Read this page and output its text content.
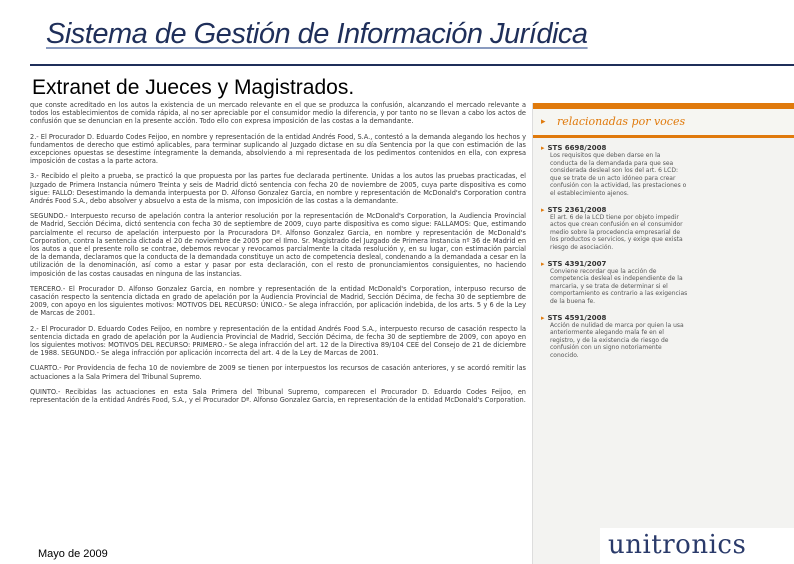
Sistema de Gestión de Información Jurídica
Extranet de Jueces y Magistrados.

que conste acreditado en los autos la existencia de un mercado relevante en el que se produzca la confusión, alcanzando el mercado relevante a todos los establecimientos de comida rápida, al no ser apreciable por el consumidor medio la diferencia, y por tanto no se llevan a cabo los actos de confusión que se denuncian en la presente acción. Todo ello con expresa imposición de las costas a la demandante.

2.- El Procurador D. Eduardo Codes Feijoo, en nombre y representación de la entidad Andrés Food, S.A., contestó a la demanda alegando los hechos y fundamentos de derecho que estimó aplicables, para terminar suplicando al Juzgado dictase en su día Sentencia por la que con estimación de las excepciones opuestas se desestime íntegramente la demanda, absolviendo a mi representada de los pedimentos contenidos en ella, con expresa imposición de costas a la parte actora.

3.- Recibido el pleito a prueba, se practicó la que propuesta por las partes fue declarada pertinente. Unidas a los autos las pruebas practicadas, el Juzgado de Primera Instancia número Treinta y seis de Madrid dictó sentencia con fecha 20 de noviembre de 2005, cuya parte dispositiva es como sigue: FALLO: Desestimando la demanda interpuesta por D. Alfonso Gonzalez Garcia, en nombre y representación de McDonald's Corporation contra Andrés Food S.A., debo absolver y absuelvo a esta de la misma, con imposición de las costas a la demandante.

SEGUNDO.- Interpuesto recurso de apelación contra la anterior resolución por la representación de McDonald's Corporation, la Audiencia Provincial de Madrid, Sección Décima, dictó sentencia con fecha 30 de septiembre de 2009, cuyo parte dispositiva es como sigue: FALLAMOS: Que, estimando parcialmente el recurso de apelación interpuesto por la Procuradora Dª. Alfonso Gonzalez Garcia, en nombre y representación de McDonald's Corporation, contra la sentencia dictada el 20 de noviembre de 2005 por el Ilmo. Sr. Magistrado del Juzgado de Primera Instancia nº 36 de Madrid en los autos a que el presente rollo se contrae, debemos revocar y revocamos parcialmente la citada resolución y, en su lugar, con estimación parcial de la demanda, declaramos que la conducta de la demandada constituye un acto de competencia desleal, condenando a la demandada a cesar en la utilización de la denominación, así como a estar y pasar por esta declaración, con el resto de pronunciamientos consiguientes, no haciendo imposición de las costas causadas en ninguna de las instancias.

TERCERO.- El Procurador D. Alfonso Gonzalez Garcia, en nombre y representación de la entidad McDonald's Corporation, interpuso recurso de casación respecto la sentencia dictada en grado de apelación por la Audiencia Provincial de Madrid, Sección Décima, de fecha 30 de septiembre de 2009, con apoyo en los siguientes motivos: MOTIVOS DEL RECURSO: ÚNICO.- Se alega infracción, por aplicación indebida, de los arts. 5 y 6 de la Ley de Marcas de 2001.

2.- El Procurador D. Eduardo Codes Feijoo, en nombre y representación de la entidad Andrés Food S.A., interpuesto recurso de casación respecto la sentencia dictada en grado de apelación por la Audiencia Provincial de Madrid, Sección Décima, de fecha 30 de septiembre de 2009, con apoyo en los siguientes motivos: MOTIVOS DEL RECURSO: PRIMERO.- Se alega infracción del art. 12 de la Directiva 89/104 CEE del Consejo de 21 de diciembre de 1988. SEGUNDO.- Se alega infracción por aplicación incorrecta del art. 4 de la Ley de Marcas de 2001.

CUARTO.- Por Providencia de fecha 10 de noviembre de 2009 se tienen por interpuestos los recursos de casación anteriores, y se acordó remitir las actuaciones a la Sala Primera del Tribunal Supremo.

QUINTO.- Recibidas las actuaciones en esta Sala Primera del Tribunal Supremo, comparecen el Procurador D. Eduardo Codes Feijoo, en representación de la entidad Andrés Food, S.A., y el Procurador Dª. Alfonso Gonzalez Garcia, en representación de la entidad McDonald's Corporation.

▸ relacionadas por voces
▸ STS 6698/2008
Los requisitos que deben darse en la conducta de la demandada para que sea considerada desleal son los del art. 6 LCD: que se trate de un acto idóneo para crear confusión con la actividad, las prestaciones o el establecimiento ajenos.
▸ STS 2361/2008
El art. 6 de la LCD tiene por objeto impedir actos que crean confusión en el consumidor medio sobre la procedencia empresarial de los productos o servicios, y exige que exista riesgo de asociación.
▸ STS 4391/2007
Conviene recordar que la acción de competencia desleal es independiente de la marcaria, y se trata de determinar si el comportamiento es contrario a las exigencias de la buena fe.
▸ STS 4591/2008
Acción de nulidad de marca por quien la usa anteriormente alegando mala fe en el registro, y de la existencia de riesgo de confusión con un signo notoriamente conocido.
Mayo de 2009	unitronics
